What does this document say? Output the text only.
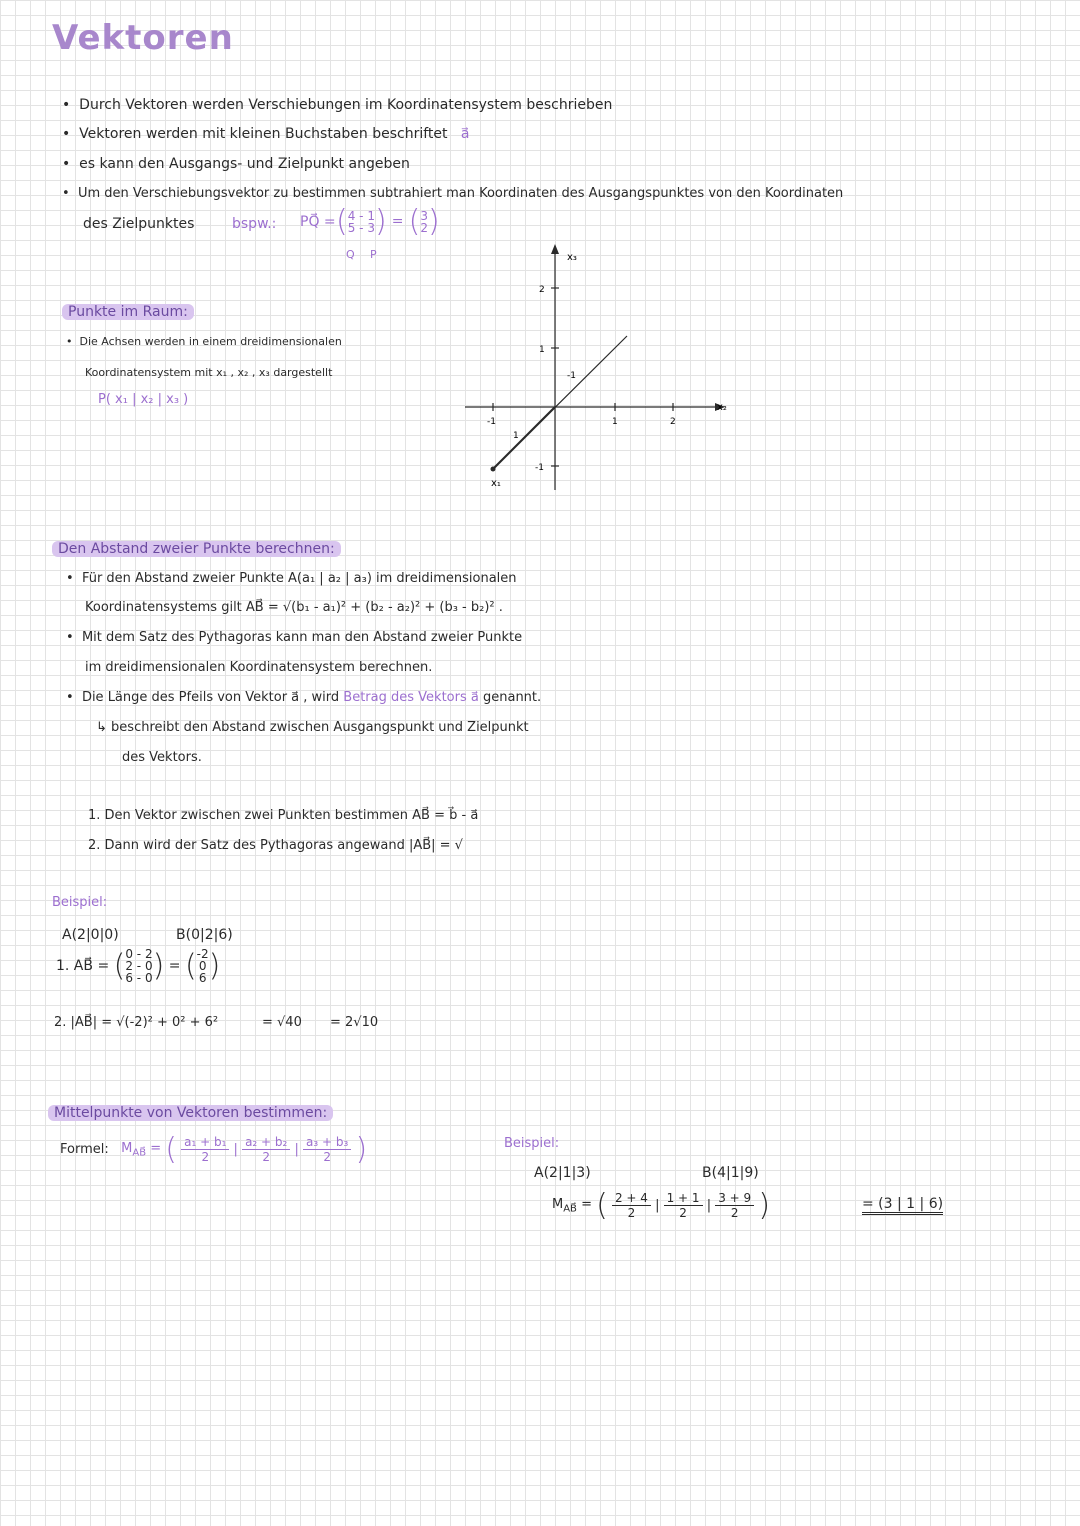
Vektoren
• Durch Vektoren werden Verschiebungen im Koordinatensystem beschrieben
• Vektoren werden mit kleinen Buchstaben beschriftet a⃗
• es kann den Ausgangs- und Zielpunkt angeben
• Um den Verschiebungsvektor zu bestimmen subtrahiert man Koordinaten des Ausgangspunktes von den Koordinaten
des Zielpunktes	bspw.: PQ⃗ = (4 - 1
5 - 3) = (3
2)
Q P
Punkte im Raum:
•  Die Achsen werden in einem dreidimensionalen
Koordinatensystem mit x₁ , x₂ , x₃ dargestellt
P( x₁ | x₂ | x₃ )
x₃
x₂
x₁
2
1
-1
-1	1	2
1
-1
Den Abstand zweier Punkte berechnen:
•  Für den Abstand zweier Punkte A(a₁ | a₂ | a₃) im dreidimensionalen
Koordinatensystems gilt AB⃗ = √(b₁ - a₁)² + (b₂ - a₂)² + (b₃ - b₂)² .
•  Mit dem Satz des Pythagoras kann man den Abstand zweier Punkte
im dreidimensionalen Koordinatensystem berechnen.
•  Die Länge des Pfeils von Vektor a⃗ , wird Betrag des Vektors a⃗ genannt.
↳ beschreibt den Abstand zwischen Ausgangspunkt und Zielpunkt
des Vektors.
1. Den Vektor zwischen zwei Punkten bestimmen AB⃗ = b⃗ - a⃗
2. Dann wird der Satz des Pythagoras angewand |AB⃗| = √
Beispiel:
A(2|0|0)	B(0|2|6)
1. AB⃗ = (0 - 2
2 - 0
6 - 0) = (-2
0
6)
2. |AB⃗| = √(-2)² + 0² + 6²	= √40 = 2√10
Mittelpunkte von Vektoren bestimmen:
Formel: $M_{AB⃗}$ = ( $\frac{\text{a₁ + b₁}}{2}$ | $\frac{\text{a₂ + b₂}}{2}$ | $\frac{\text{a₃ + b₃}}{2}$ )	Beispiel:
A(2|1|3)	B(4|1|9)
$M_{AB⃗}$ = ( $\frac{2 + 4}{2}$ | $\frac{1 + 1}{2}$ | $\frac{3 + 9}{2}$ )	= (3 | 1 | 6)
